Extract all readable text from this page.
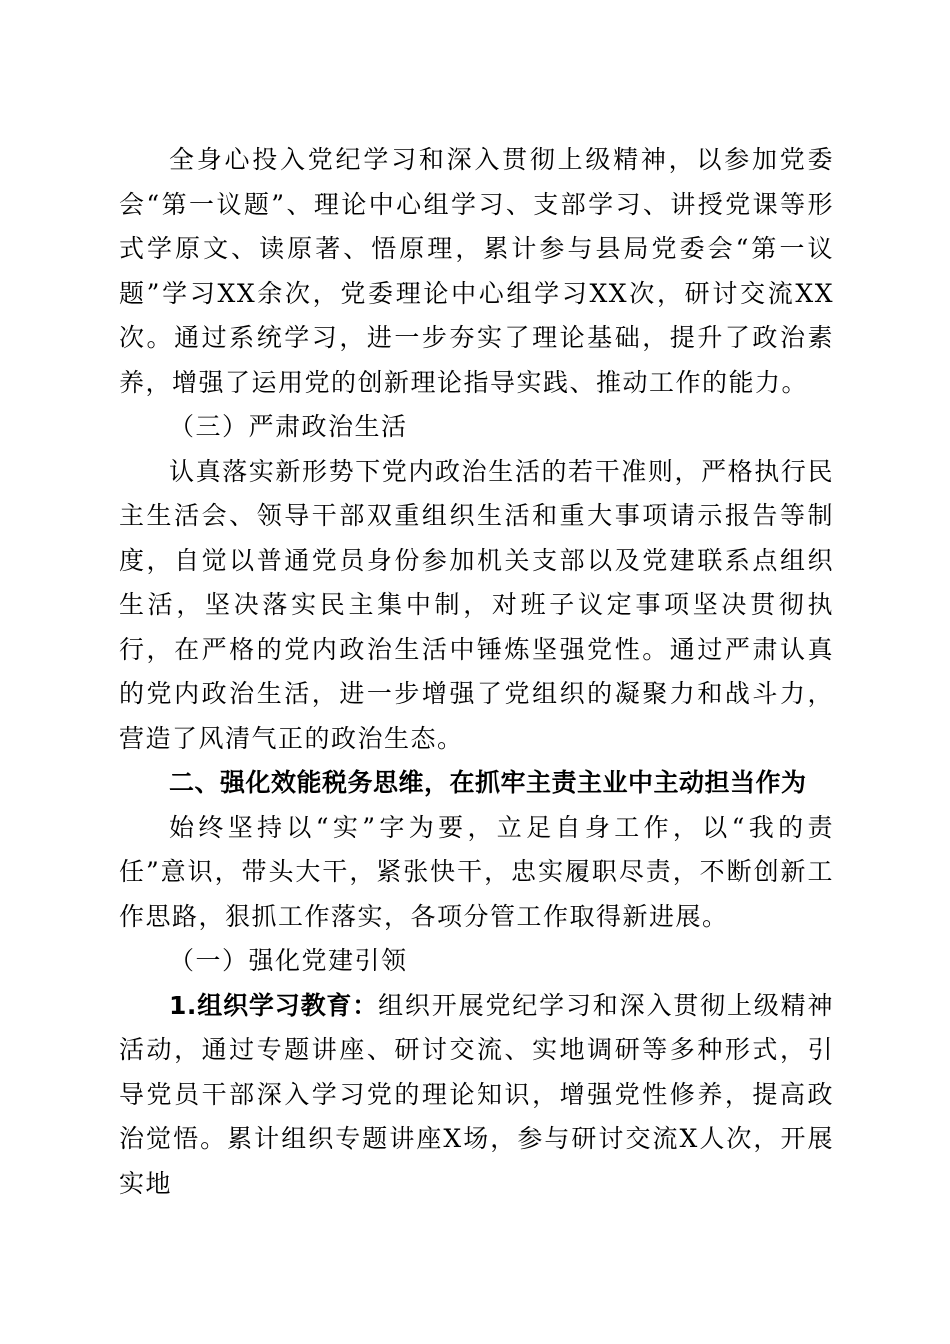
全身心投入党纪学习和深入贯彻上级精神，以参加党委会“第一议题”、理论中心组学习、支部学习、讲授党课等形式学原文、读原著、悟原理，累计参与县局党委会“第一议题”学习XX余次，党委理论中心组学习XX次，研讨交流XX次。通过系统学习，进一步夯实了理论基础，提升了政治素养，增强了运用党的创新理论指导实践、推动工作的能力。

（三）严肃政治生活

认真落实新形势下党内政治生活的若干准则，严格执行民主生活会、领导干部双重组织生活和重大事项请示报告等制度，自觉以普通党员身份参加机关支部以及党建联系点组织生活，坚决落实民主集中制，对班子议定事项坚决贯彻执行，在严格的党内政治生活中锤炼坚强党性。通过严肃认真的党内政治生活，进一步增强了党组织的凝聚力和战斗力，营造了风清气正的政治生态。

二、强化效能税务思维，在抓牢主责主业中主动担当作为

始终坚持以“实”字为要，立足自身工作，以“我的责任”意识，带头大干，紧张快干，忠实履职尽责，不断创新工作思路，狠抓工作落实，各项分管工作取得新进展。

（一）强化党建引领

1.组织学习教育：组织开展党纪学习和深入贯彻上级精神活动，通过专题讲座、研讨交流、实地调研等多种形式，引导党员干部深入学习党的理论知识，增强党性修养，提高政治觉悟。累计组织专题讲座X场，参与研讨交流X人次，开展实地
